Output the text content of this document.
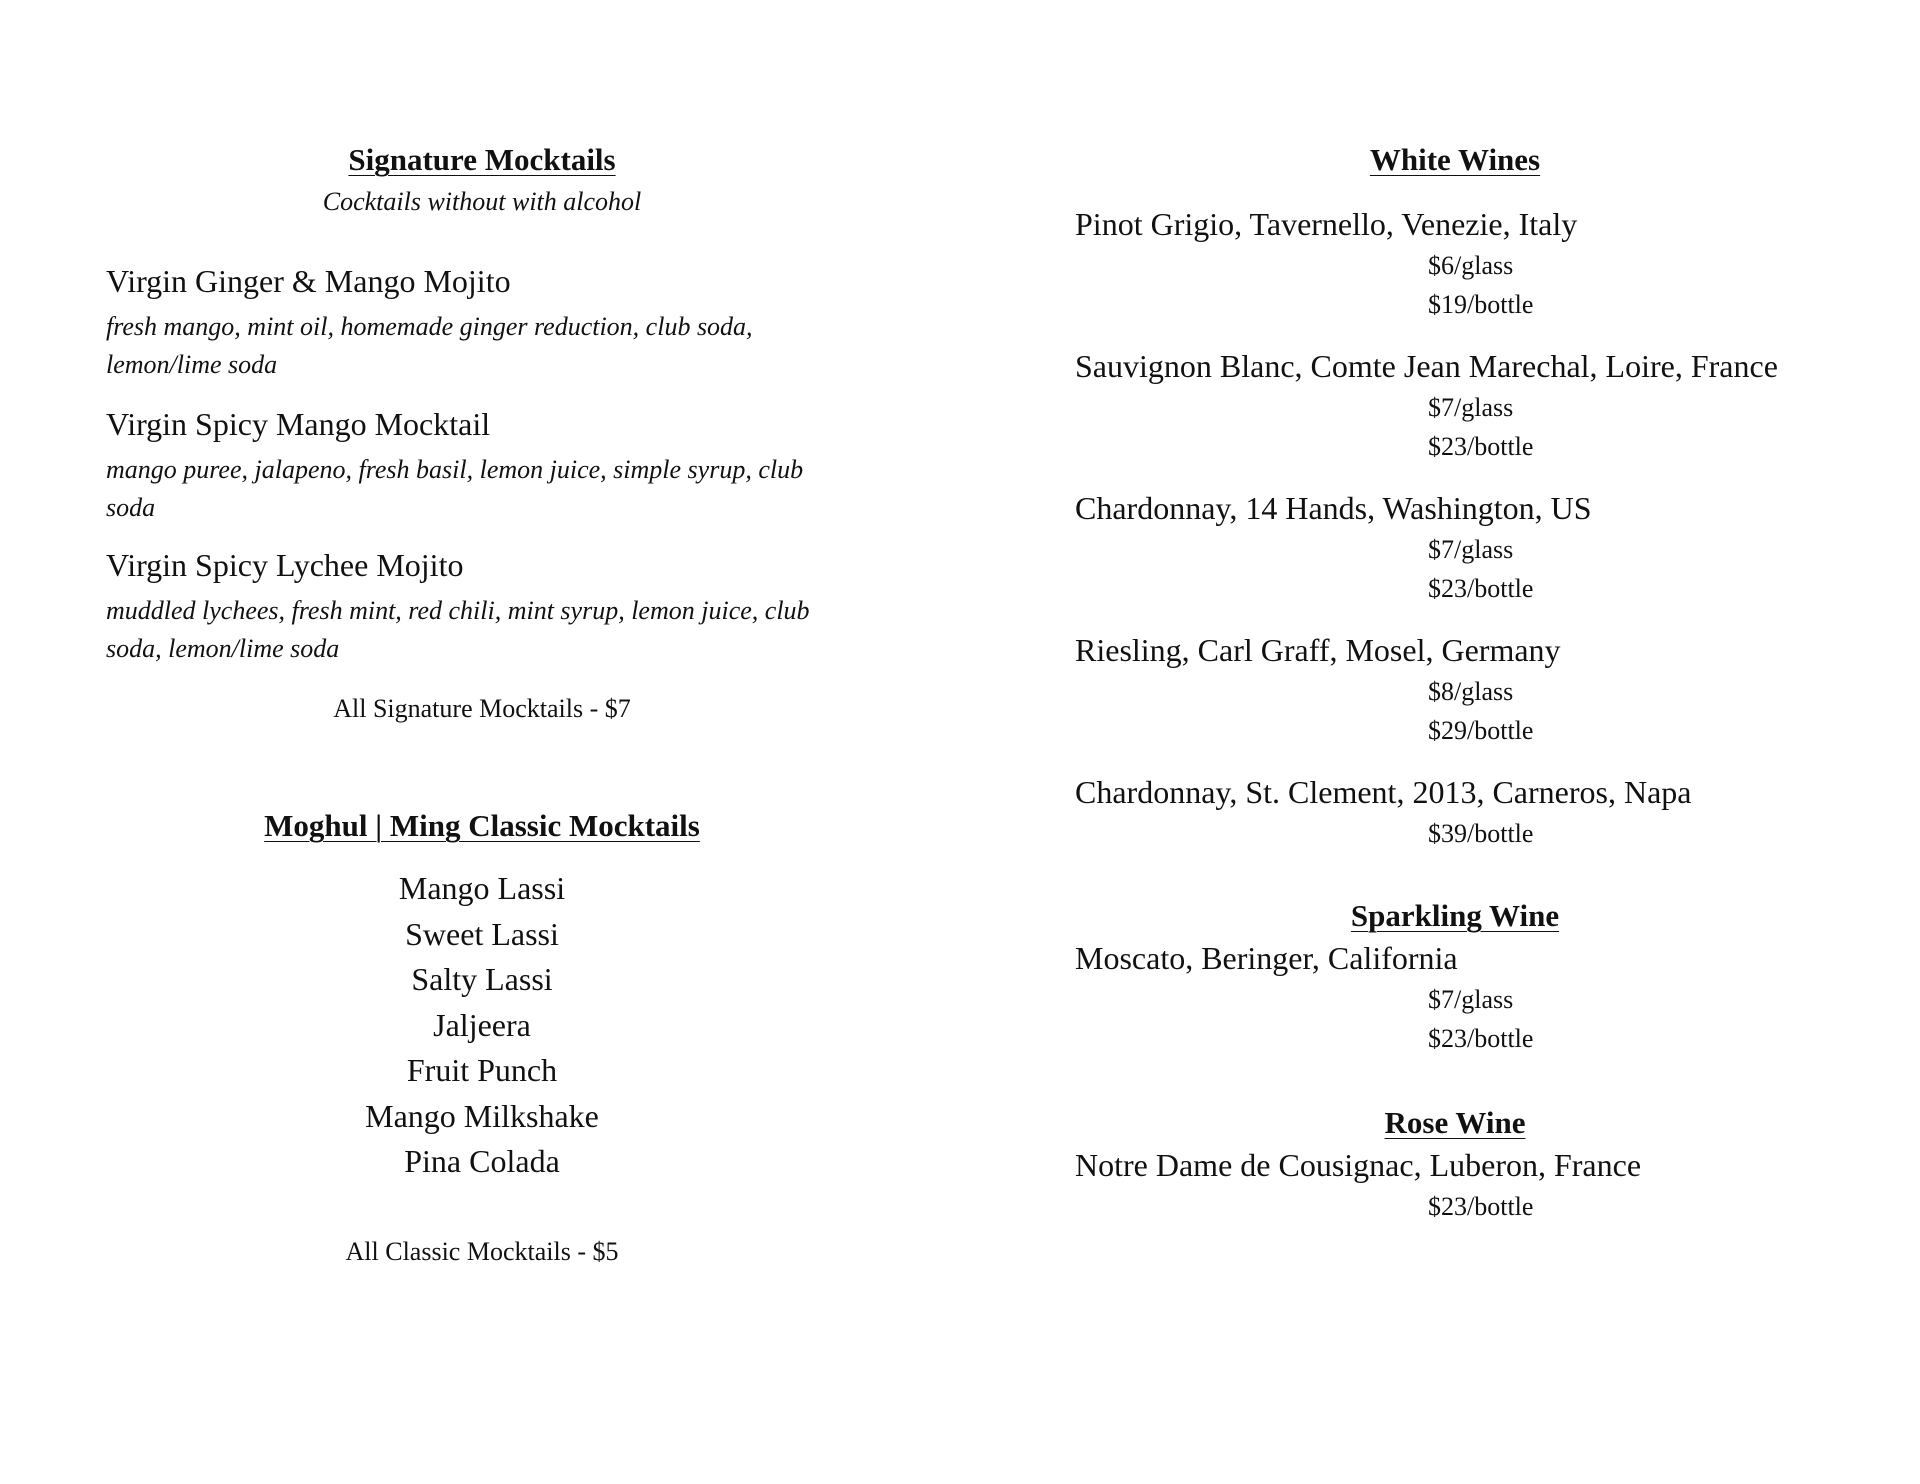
Signature Mocktails
Cocktails without with alcohol
Virgin Ginger & Mango Mojito
fresh mango, mint oil, homemade ginger reduction, club soda, lemon/lime soda
Virgin Spicy Mango Mocktail
mango puree, jalapeno, fresh basil, lemon juice, simple syrup, club soda
Virgin Spicy Lychee Mojito
muddled lychees, fresh mint, red chili, mint syrup, lemon juice, club soda, lemon/lime soda
All Signature Mocktails - $7
Moghul | Ming Classic Mocktails
Mango Lassi
Sweet Lassi
Salty Lassi
Jaljeera
Fruit Punch
Mango Milkshake
Pina Colada
All Classic Mocktails - $5
White Wines
Pinot Grigio, Tavernello, Venezie, Italy
$6/glass
$19/bottle
Sauvignon Blanc, Comte Jean Marechal, Loire, France
$7/glass
$23/bottle
Chardonnay, 14 Hands, Washington, US
$7/glass
$23/bottle
Riesling, Carl Graff, Mosel, Germany
$8/glass
$29/bottle
Chardonnay, St. Clement, 2013, Carneros, Napa
$39/bottle
Sparkling Wine
Moscato, Beringer, California
$7/glass
$23/bottle
Rose Wine
Notre Dame de Cousignac, Luberon, France
$23/bottle
